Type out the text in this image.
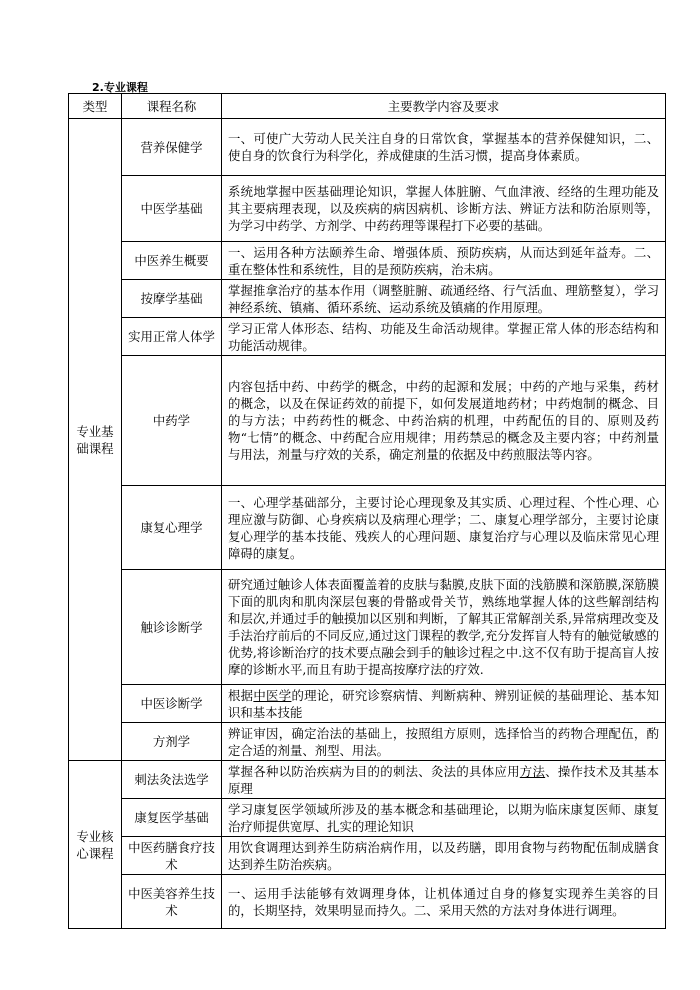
2.专业课程

类型	课程名称	主要教学内容及要求

专业基础课程	营养保健学	一、可使广大劳动人民关注自身的日常饮食，掌握基本的营养保健知识，二、使自身的饮食行为科学化，养成健康的生活习惯，提高身体素质。
	中医学基础	系统地掌握中医基础理论知识，掌握人体脏腑、气血津液、经络的生理功能及其主要病理表现，以及疾病的病因病机、诊断方法、辨证方法和防治原则等，为学习中药学、方剂学、中药药理等课程打下必要的基础。
	中医养生概要	一、运用各种方法颐养生命、增强体质、预防疾病，从而达到延年益寿。二、重在整体性和系统性，目的是预防疾病，治未病。
	按摩学基础	掌握推拿治疗的基本作用（调整脏腑、疏通经络、行气活血、理筋整复），学习神经系统、镇痛、循环系统、运动系统及镇痛的作用原理。
	实用正常人体学	学习正常人体形态、结构、功能及生命活动规律。掌握正常人体的形态结构和功能活动规律。
	中药学	内容包括中药、中药学的概念，中药的起源和发展；中药的产地与采集，药材的概念，以及在保证药效的前提下，如何发展道地药材；中药炮制的概念、目的与方法；中药药性的概念、中药治病的机理，中药配伍的目的、原则及药物“七情”的概念、中药配合应用规律；用药禁忌的概念及主要内容；中药剂量与用法，剂量与疗效的关系，确定剂量的依据及中药煎服法等内容。
	康复心理学	一、心理学基础部分，主要讨论心理现象及其实质、心理过程、个性心理、心理应激与防御、心身疾病以及病理心理学；二、康复心理学部分，主要讨论康复心理学的基本技能、残疾人的心理问题、康复治疗与心理以及临床常见心理障碍的康复。
	触诊诊断学	研究通过触诊人体表面覆盖着的皮肤与黏膜,皮肤下面的浅筋膜和深筋膜,深筋膜下面的肌肉和肌肉深层包裹的骨骼或骨关节，熟练地掌握人体的这些解剖结构和层次,并通过手的触摸加以区别和判断，了解其正常解剖关系,异常病理改变及手法治疗前后的不同反应,通过这门课程的教学,充分发挥盲人特有的触觉敏感的优势,将诊断治疗的技术要点融会到手的触诊过程之中.这不仅有助于提高盲人按摩的诊断水平,而且有助于提高按摩疗法的疗效.
	中医诊断学	根据中医学的理论，研究诊察病情、判断病种、辨别证候的基础理论、基本知识和基本技能
	方剂学	辨证审因，确定治法的基础上，按照组方原则，选择恰当的药物合理配伍，酌定合适的剂量、剂型、用法。

专业核心课程	刺法灸法选学	掌握各种以防治疾病为目的的刺法、灸法的具体应用方法、操作技术及其基本原理
	康复医学基础	学习康复医学领域所涉及的基本概念和基础理论，以期为临床康复医师、康复治疗师提供宽厚、扎实的理论知识
	中医药膳食疗技术	用饮食调理达到养生防病治病作用，以及药膳，即用食物与药物配伍制成膳食达到养生防治疾病。
	中医美容养生技术	一、运用手法能够有效调理身体，让机体通过自身的修复实现养生美容的目的，长期坚持，效果明显而持久。二、采用天然的方法对身体进行调理。
